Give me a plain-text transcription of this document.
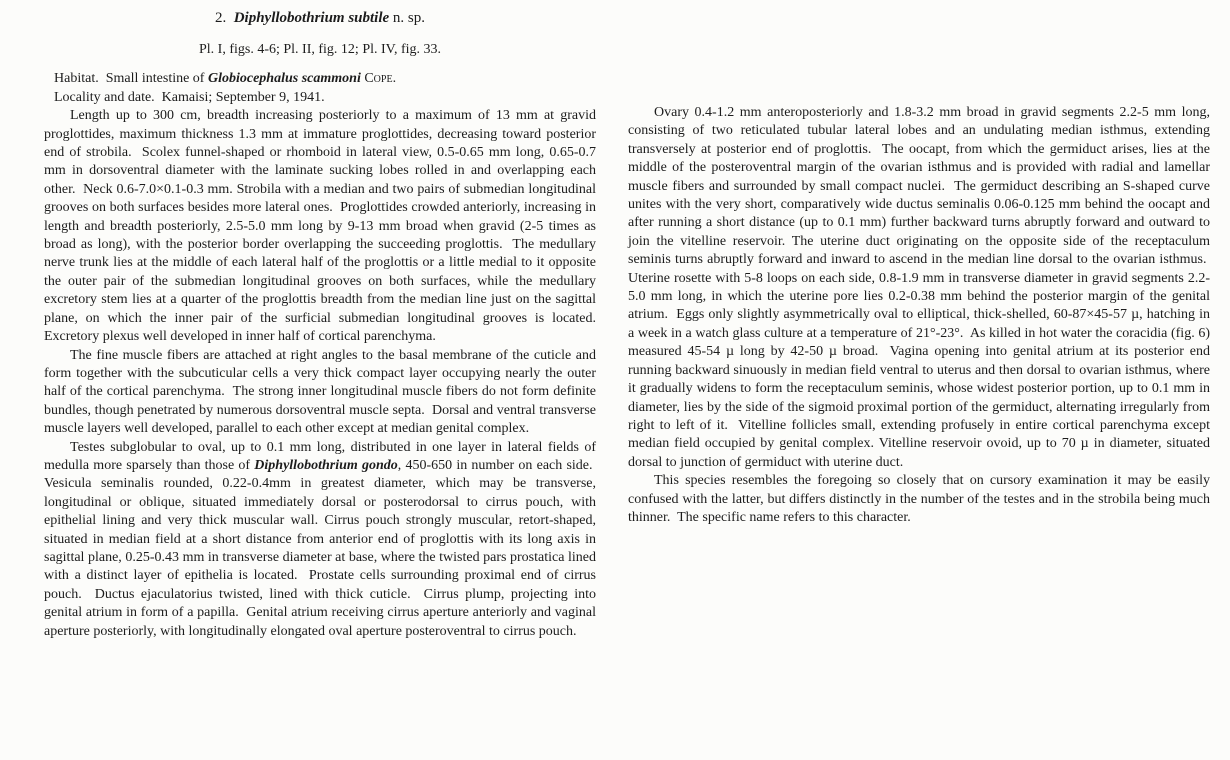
2.  Diphyllobothrium subtile n. sp.

Pl. I, figs. 4-6; Pl. II, fig. 12; Pl. IV, fig. 33.

Habitat.  Small intestine of Globiocephalus scammoni Cope.

Locality and date.  Kamaisi; September 9, 1941.

Length up to 300 cm, breadth increasing posteriorly to a maximum of 13 mm at gravid proglottides, maximum thickness 1.3 mm at immature proglottides, decreasing toward posterior end of strobila.  Scolex funnel-shaped or rhomboid in lateral view, 0.5-0.65 mm long, 0.65-0.7 mm in dorsoventral diameter with the laminate sucking lobes rolled in and overlapping each other.  Neck 0.6-7.0×0.1-0.3 mm. Strobila with a median and two pairs of submedian longitudinal grooves on both surfaces besides more lateral ones.  Proglottides crowded anteriorly, increasing in length and breadth posteriorly, 2.5-5.0 mm long by 9-13 mm broad when gravid (2-5 times as broad as long), with the posterior border overlapping the succeeding proglottis.  The medullary nerve trunk lies at the middle of each lateral half of the proglottis or a little medial to it opposite the outer pair of the submedian longitudinal grooves on both surfaces, while the medullary excretory stem lies at a quarter of the proglottis breadth from the median line just on the sagittal plane, on which the inner pair of the surficial submedian longitudinal grooves is located. Excretory plexus well developed in inner half of cortical parenchyma.

The fine muscle fibers are attached at right angles to the basal membrane of the cuticle and form together with the subcuticular cells a very thick compact layer occupying nearly the outer half of the cortical parenchyma.  The strong inner longitudinal muscle fibers do not form definite bundles, though penetrated by numerous dorsoventral muscle septa.  Dorsal and ventral transverse muscle layers well developed, parallel to each other except at median genital complex.

Testes subglobular to oval, up to 0.1 mm long, distributed in one layer in lateral fields of medulla more sparsely than those of Diphyllobothrium gondo, 450-650 in number on each side.  Vesicula seminalis rounded, 0.22-0.4mm in greatest diameter, which may be transverse, longitudinal or oblique, situated immediately dorsal or posterodorsal to cirrus pouch, with epithelial lining and very thick muscular wall. Cirrus pouch strongly muscular, retort-shaped, situated in median field at a short distance from anterior end of proglottis with its long axis in sagittal plane, 0.25-0.43 mm in transverse diameter at base, where the twisted pars prostatica lined with a distinct layer of epithelia is located.  Prostate cells surrounding proximal end of cirrus pouch.  Ductus ejaculatorius twisted, lined with thick cuticle.  Cirrus plump, projecting into genital atrium in form of a papilla.  Genital atrium receiving cirrus aperture anteriorly and vaginal aperture posteriorly, with longitudinally elongated oval aperture posteroventral to cirrus pouch.

Ovary 0.4-1.2 mm anteroposteriorly and 1.8-3.2 mm broad in gravid segments 2.2-5 mm long, consisting of two reticulated tubular lateral lobes and an undulating median isthmus, extending transversely at posterior end of proglottis.  The oocapt, from which the germiduct arises, lies at the middle of the posteroventral margin of the ovarian isthmus and is provided with radial and lamellar muscle fibers and surrounded by small compact nuclei.  The germiduct describing an S-shaped curve unites with the very short, comparatively wide ductus seminalis 0.06-0.125 mm behind the oocapt and after running a short distance (up to 0.1 mm) further backward turns abruptly forward and outward to join the vitelline reservoir. The uterine duct originating on the opposite side of the receptaculum seminis turns abruptly forward and inward to ascend in the median line dorsal to the ovarian isthmus.  Uterine rosette with 5-8 loops on each side, 0.8-1.9 mm in transverse diameter in gravid segments 2.2-5.0 mm long, in which the uterine pore lies 0.2-0.38 mm behind the posterior margin of the genital atrium.  Eggs only slightly asymmetrically oval to elliptical, thick-shelled, 60-87×45-57 µ, hatching in a week in a watch glass culture at a temperature of 21°-23°.  As killed in hot water the coracidia (fig. 6) measured 45-54 µ long by 42-50 µ broad.  Vagina opening into genital atrium at its posterior end running backward sinuously in median field ventral to uterus and then dorsal to ovarian isthmus, where it gradually widens to form the receptaculum seminis, whose widest posterior portion, up to 0.1 mm in diameter, lies by the side of the sigmoid proximal portion of the germiduct, alternating irregularly from right to left of it.  Vitelline follicles small, extending profusely in entire cortical parenchyma except median field occupied by genital complex. Vitelline reservoir ovoid, up to 70 µ in diameter, situated dorsal to junction of germiduct with uterine duct.

This species resembles the foregoing so closely that on cursory examination it may be easily confused with the latter, but differs distinctly in the number of the testes and in the strobila being much thinner.  The specific name refers to this character.
